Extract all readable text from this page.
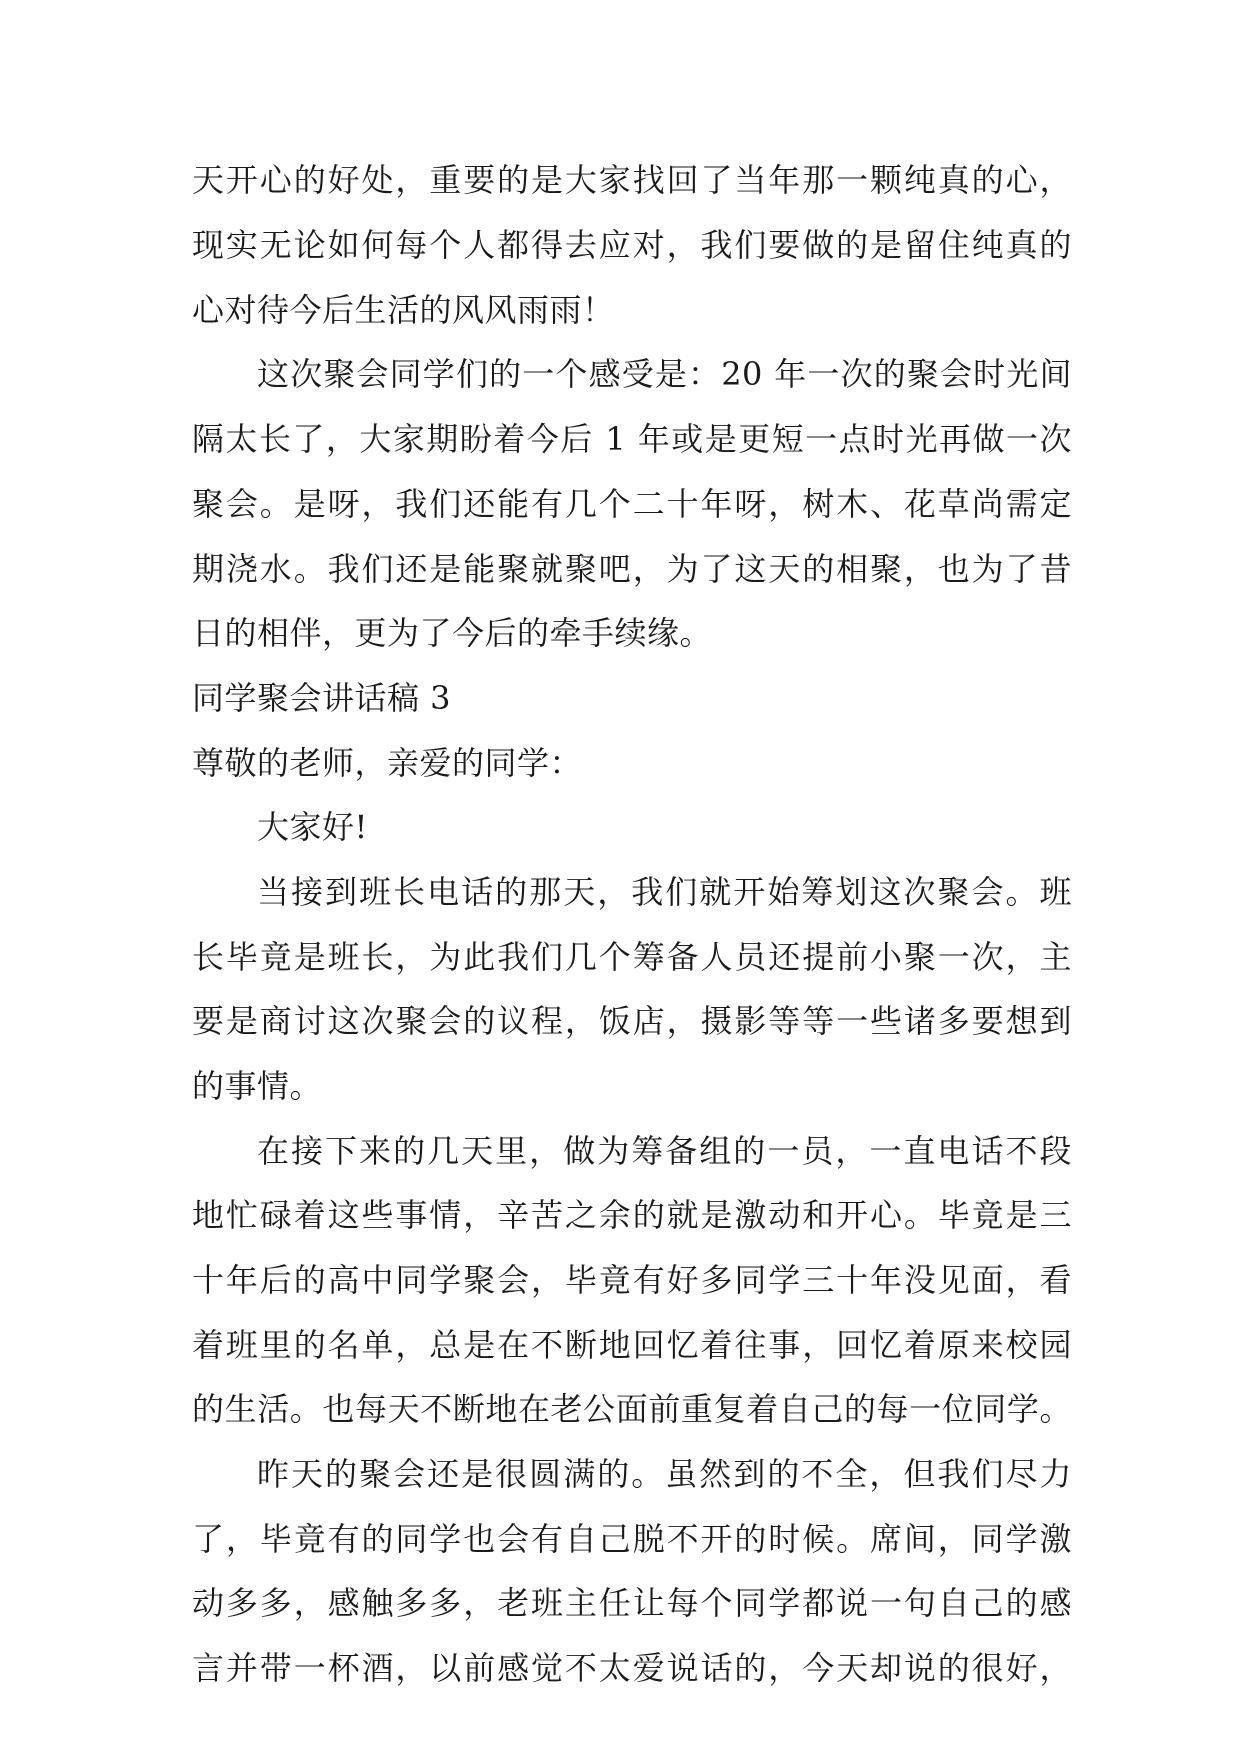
天开心的好处，重要的是大家找回了当年那一颗纯真的心，
现实无论如何每个人都得去应对，我们要做的是留住纯真的
心对待今后生活的风风雨雨！
这次聚会同学们的一个感受是：20 年一次的聚会时光间
隔太长了，大家期盼着今后 1 年或是更短一点时光再做一次
聚会。是呀，我们还能有几个二十年呀，树木、花草尚需定
期浇水。我们还是能聚就聚吧，为了这天的相聚，也为了昔
日的相伴，更为了今后的牵手续缘。
同学聚会讲话稿 3
尊敬的老师，亲爱的同学：
大家好!
当接到班长电话的那天，我们就开始筹划这次聚会。班
长毕竟是班长，为此我们几个筹备人员还提前小聚一次，主
要是商讨这次聚会的议程，饭店，摄影等等一些诸多要想到
的事情。
在接下来的几天里，做为筹备组的一员，一直电话不段
地忙碌着这些事情，辛苦之余的就是激动和开心。毕竟是三
十年后的高中同学聚会，毕竟有好多同学三十年没见面，看
着班里的名单，总是在不断地回忆着往事，回忆着原来校园
的生活。也每天不断地在老公面前重复着自己的每一位同学。
昨天的聚会还是很圆满的。虽然到的不全，但我们尽力
了，毕竟有的同学也会有自己脱不开的时候。席间，同学激
动多多，感触多多，老班主任让每个同学都说一句自己的感
言并带一杯酒，以前感觉不太爱说话的，今天却说的很好，
